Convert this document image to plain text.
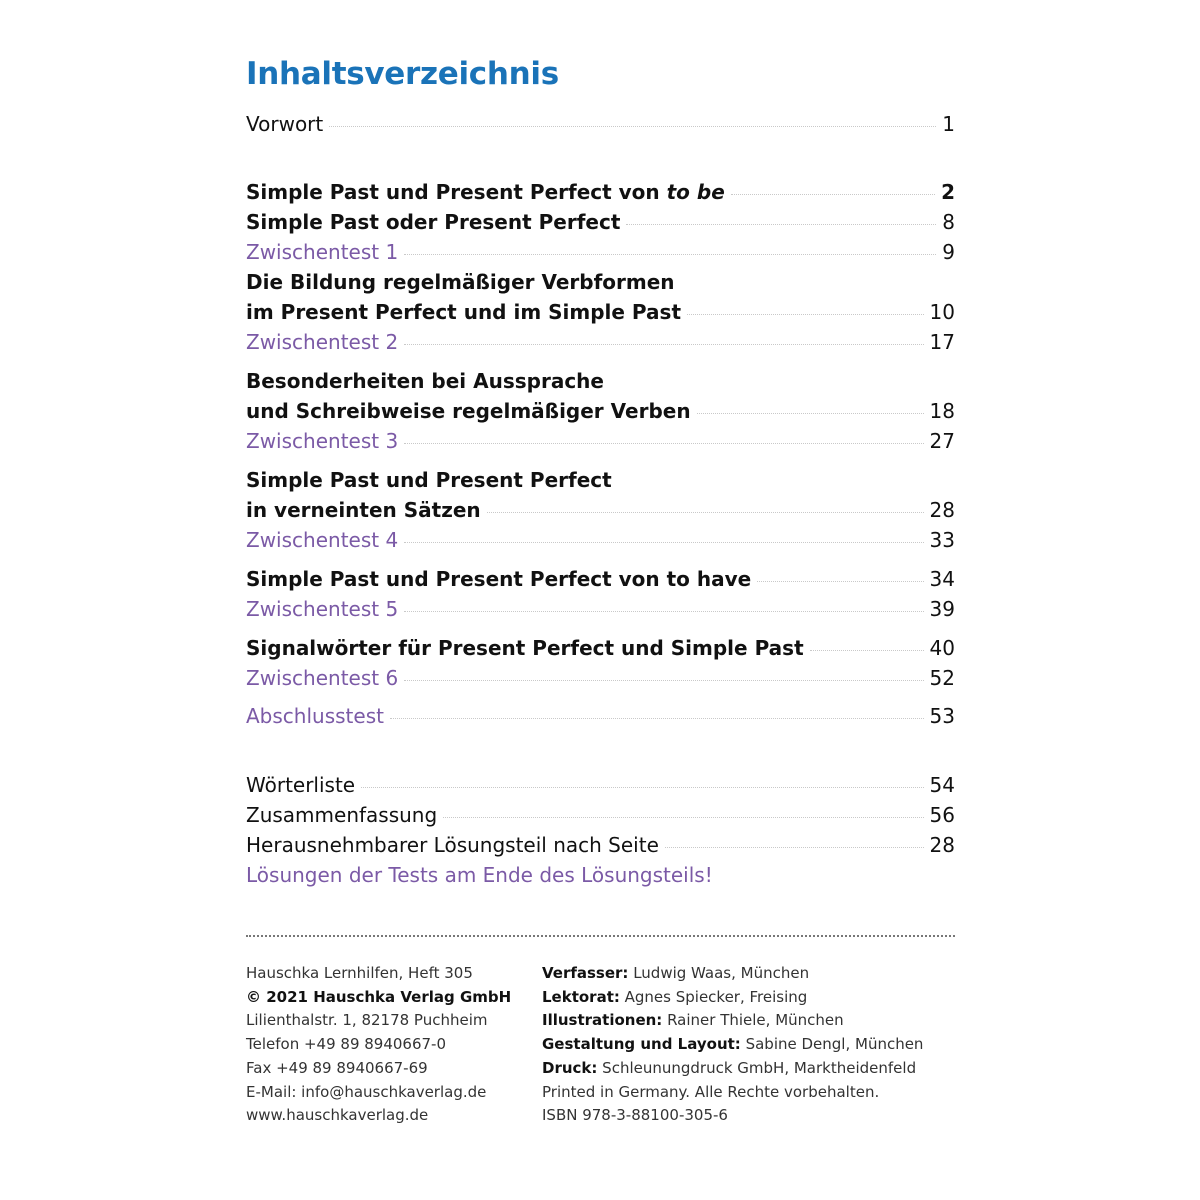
Inhaltsverzeichnis
Vorwort	1
Simple Past und Present Perfect von to be	2
Simple Past oder Present Perfect	8
Zwischentest 1	9
Die Bildung regelmäßiger Verbformen
im Present Perfect und im Simple Past	10
Zwischentest 2	17
Besonderheiten bei Aussprache
und Schreibweise regelmäßiger Verben	18
Zwischentest 3	27
Simple Past und Present Perfect
in verneinten Sätzen	28
Zwischentest 4	33
Simple Past und Present Perfect von to have	34
Zwischentest 5	39
Signalwörter für Present Perfect und Simple Past	40
Zwischentest 6	52
Abschlusstest	53
Wörterliste	54
Zusammenfassung	56
Herausnehmbarer Lösungsteil nach Seite	28
Lösungen der Tests am Ende des Lösungsteils!
Hauschka Lernhilfen, Heft 305
© 2021 Hauschka Verlag GmbH
Lilienthalstr. 1, 82178 Puchheim
Telefon +49 89 8940667-0
Fax +49 89 8940667-69
E-Mail: info@hauschkaverlag.de
www.hauschkaverlag.de
Verfasser: Ludwig Waas, München
Lektorat: Agnes Spiecker, Freising
Illustrationen: Rainer Thiele, München
Gestaltung und Layout: Sabine Dengl, München
Druck: Schleunungdruck GmbH, Marktheidenfeld
Printed in Germany. Alle Rechte vorbehalten.
ISBN 978-3-88100-305-6
